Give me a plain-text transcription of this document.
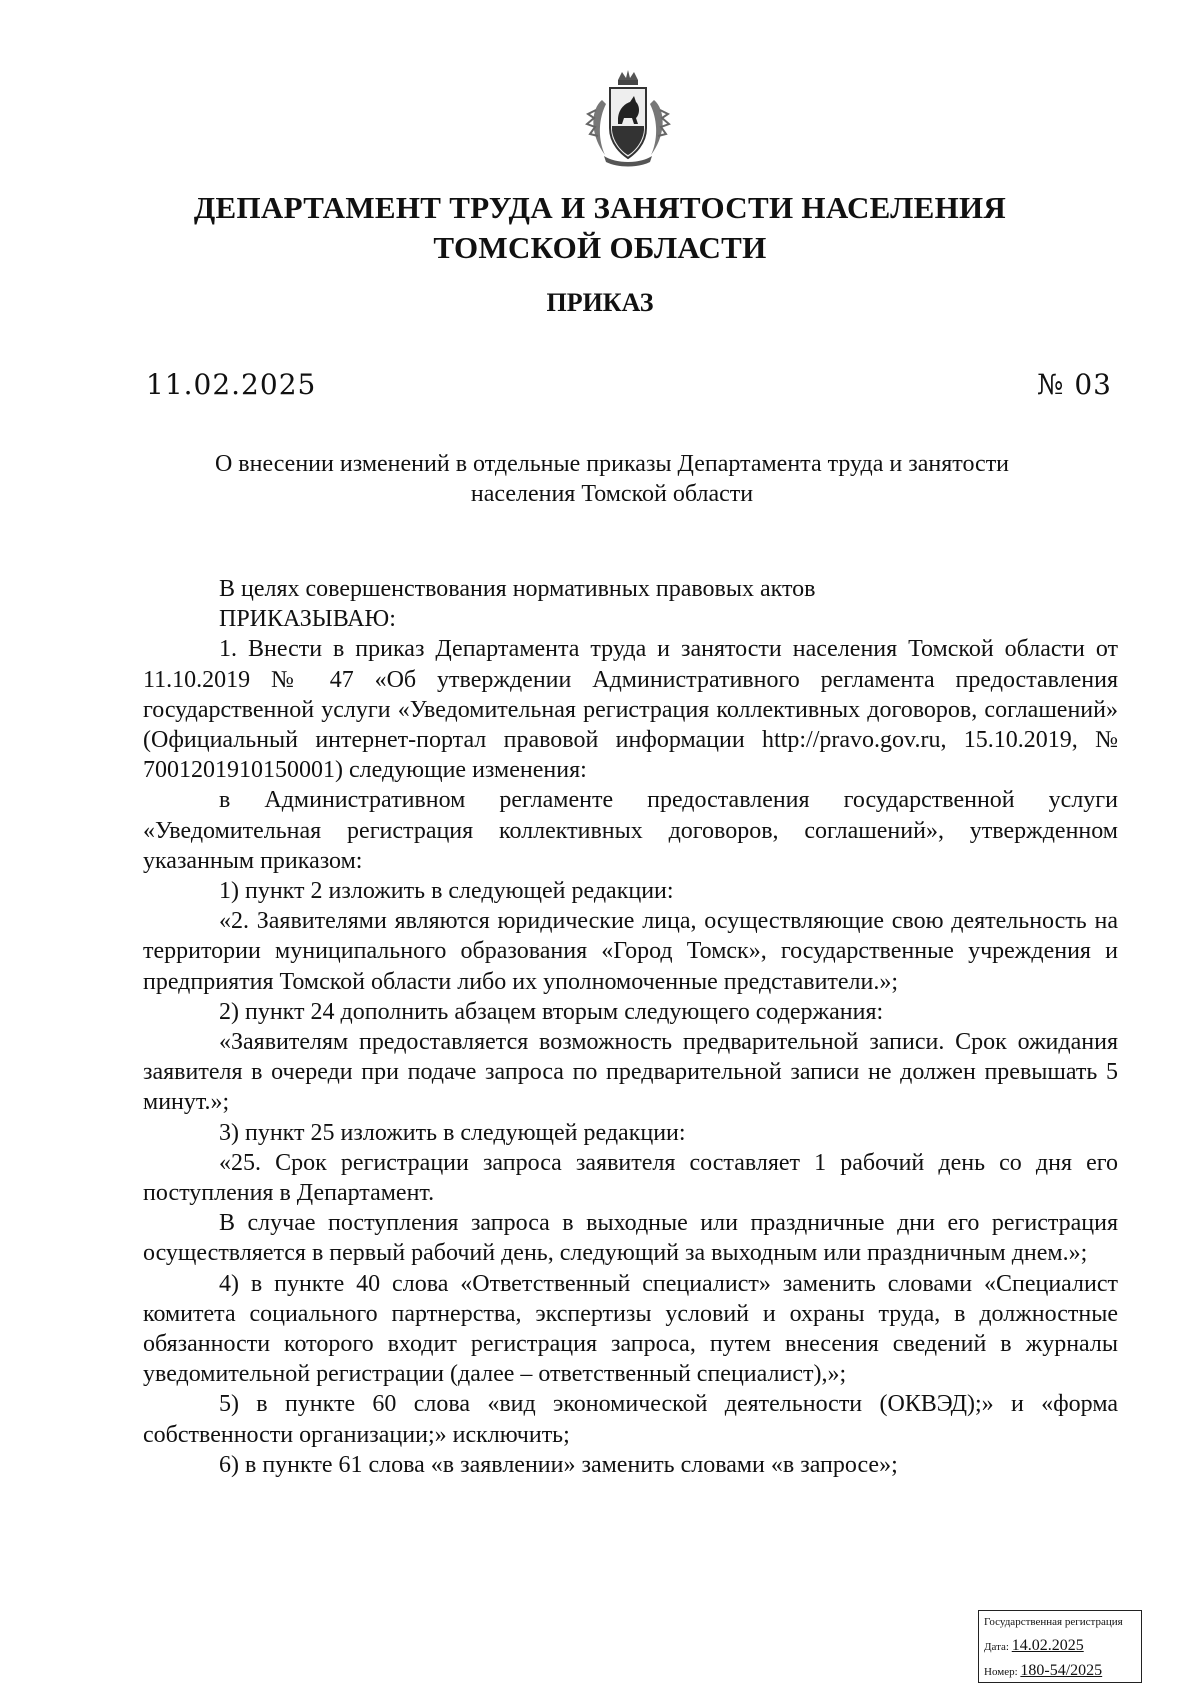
ДЕПАРТАМЕНТ ТРУДА И ЗАНЯТОСТИ НАСЕЛЕНИЯ
ТОМСКОЙ ОБЛАСТИ
ПРИКАЗ
11.02.2025	№ 03
О внесении изменений в отдельные приказы Департамента труда и занятости
населения Томской области

В целях совершенствования нормативных правовых актов

ПРИКАЗЫВАЮ:

1. Внести в приказ Департамента труда и занятости населения Томской области от 11.10.2019 № 47 «Об утверждении Административного регламента предоставления государственной услуги «Уведомительная регистрация коллективных договоров, соглашений» (Официальный интернет-портал правовой информации http://pravo.gov.ru, 15.10.2019, № 7001201910150001) следующие изменения:

в Административном регламенте предоставления государственной услуги «Уведомительная регистрация коллективных договоров, соглашений», утвержденном указанным приказом:

1) пункт 2 изложить в следующей редакции:

«2. Заявителями являются юридические лица, осуществляющие свою деятельность на территории муниципального образования «Город Томск», государственные учреждения и предприятия Томской области либо их уполномоченные представители.»;

2) пункт 24 дополнить абзацем вторым следующего содержания:

«Заявителям предоставляется возможность предварительной записи. Срок ожидания заявителя в очереди при подаче запроса по предварительной записи не должен превышать 5 минут.»;

3) пункт 25 изложить в следующей редакции:

«25. Срок регистрации запроса заявителя составляет 1 рабочий день со дня его поступления в Департамент.

В случае поступления запроса в выходные или праздничные дни его регистрация осуществляется в первый рабочий день, следующий за выходным или праздничным днем.»;

4) в пункте 40 слова «Ответственный специалист» заменить словами «Специалист комитета социального партнерства, экспертизы условий и охраны труда, в должностные обязанности которого входит регистрация запроса, путем внесения сведений в журналы уведомительной регистрации (далее – ответственный специалист),»;

5) в пункте 60 слова «вид экономической деятельности (ОКВЭД);» и «форма собственности организации;» исключить;

6) в пункте 61 слова «в заявлении» заменить словами «в запросе»;

Государственная регистрация
Дата: 14.02.2025
Номер: 180-54/2025
